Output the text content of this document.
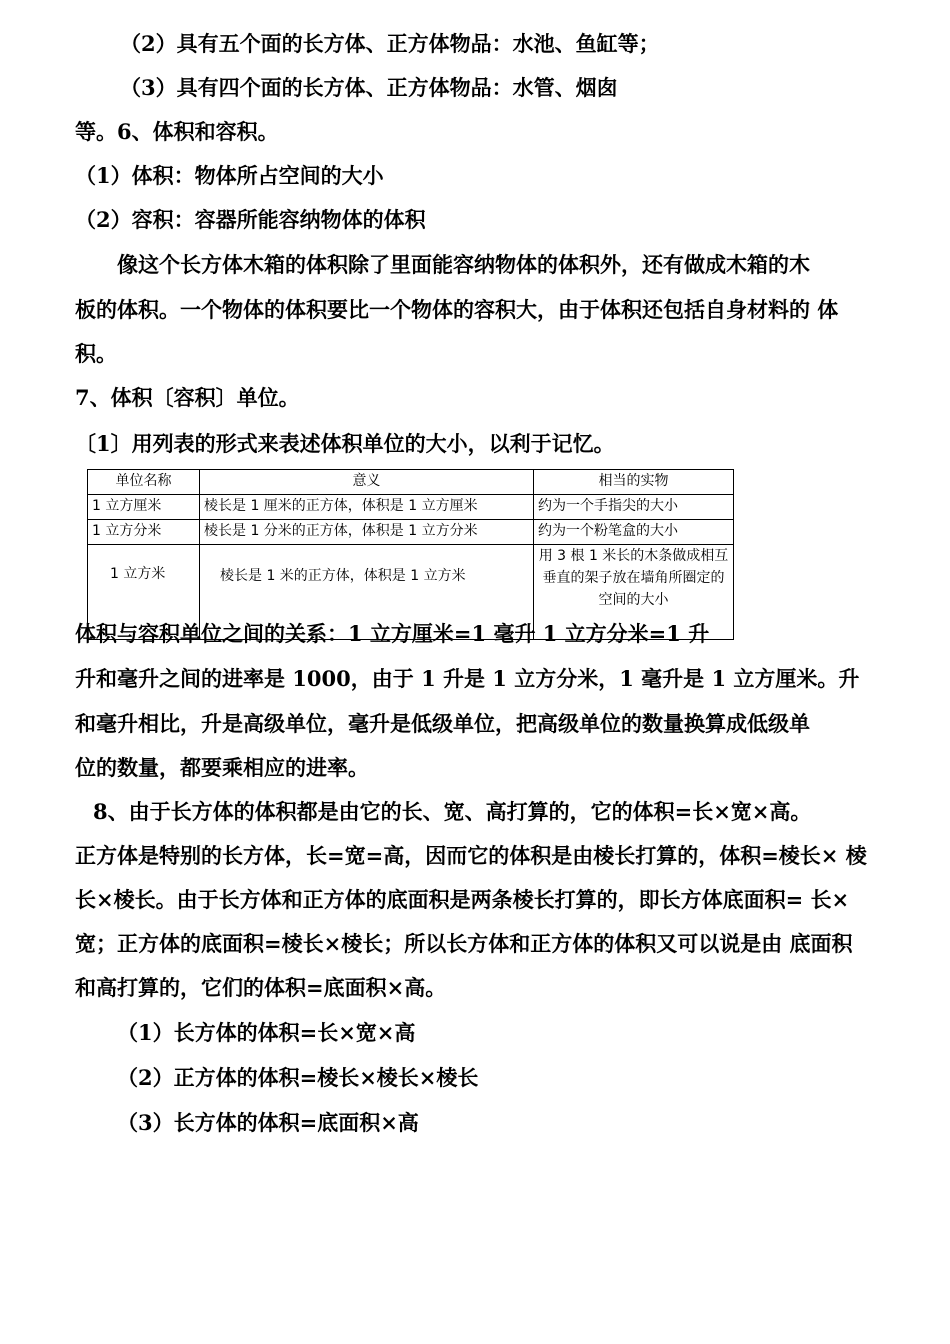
（2）具有五个面的长方体、正方体物品：水池、鱼缸等；
（3）具有四个面的长方体、正方体物品：水管、烟囱
等。6、体积和容积。
（1）体积：物体所占空间的大小
（2）容积：容器所能容纳物体的体积
像这个长方体木箱的体积除了里面能容纳物体的体积外，还有做成木箱的木
板的体积。一个物体的体积要比一个物体的容积大，由于体积还包括自身材料的 体
积。
7、体积〔容积〕单位。
〔1〕用列表的形式来表述体积单位的大小，以利于记忆。
单位名称	意义	相当的实物
1 立方厘米	棱长是 1 厘米的正方体，体积是 1 立方厘米	约为一个手指尖的大小
1 立方分米	棱长是 1 分米的正方体，体积是 1 立方分米	约为一个粉笔盒的大小
1 立方米	棱长是 1 米的正方体，体积是 1 立方米	用 3 根 1 米长的木条做成相互垂直的架子放在墙角所圈定的空间的大小
体积与容积单位之间的关系：1 立方厘米=1 毫升 1 立方分米=1 升
升和毫升之间的进率是 1000，由于 1 升是 1 立方分米，1 毫升是 1 立方厘米。升
和毫升相比，升是高级单位，毫升是低级单位，把高级单位的数量换算成低级单
位的数量，都要乘相应的进率。
8、由于长方体的体积都是由它的长、宽、高打算的，它的体积=长×宽×高。
正方体是特别的长方体，长=宽=高，因而它的体积是由棱长打算的，体积=棱长× 棱
长×棱长。由于长方体和正方体的底面积是两条棱长打算的，即长方体底面积= 长×
宽；正方体的底面积=棱长×棱长；所以长方体和正方体的体积又可以说是由 底面积
和高打算的，它们的体积=底面积×高。
（1）长方体的体积=长×宽×高
（2）正方体的体积=棱长×棱长×棱长
（3）长方体的体积=底面积×高
